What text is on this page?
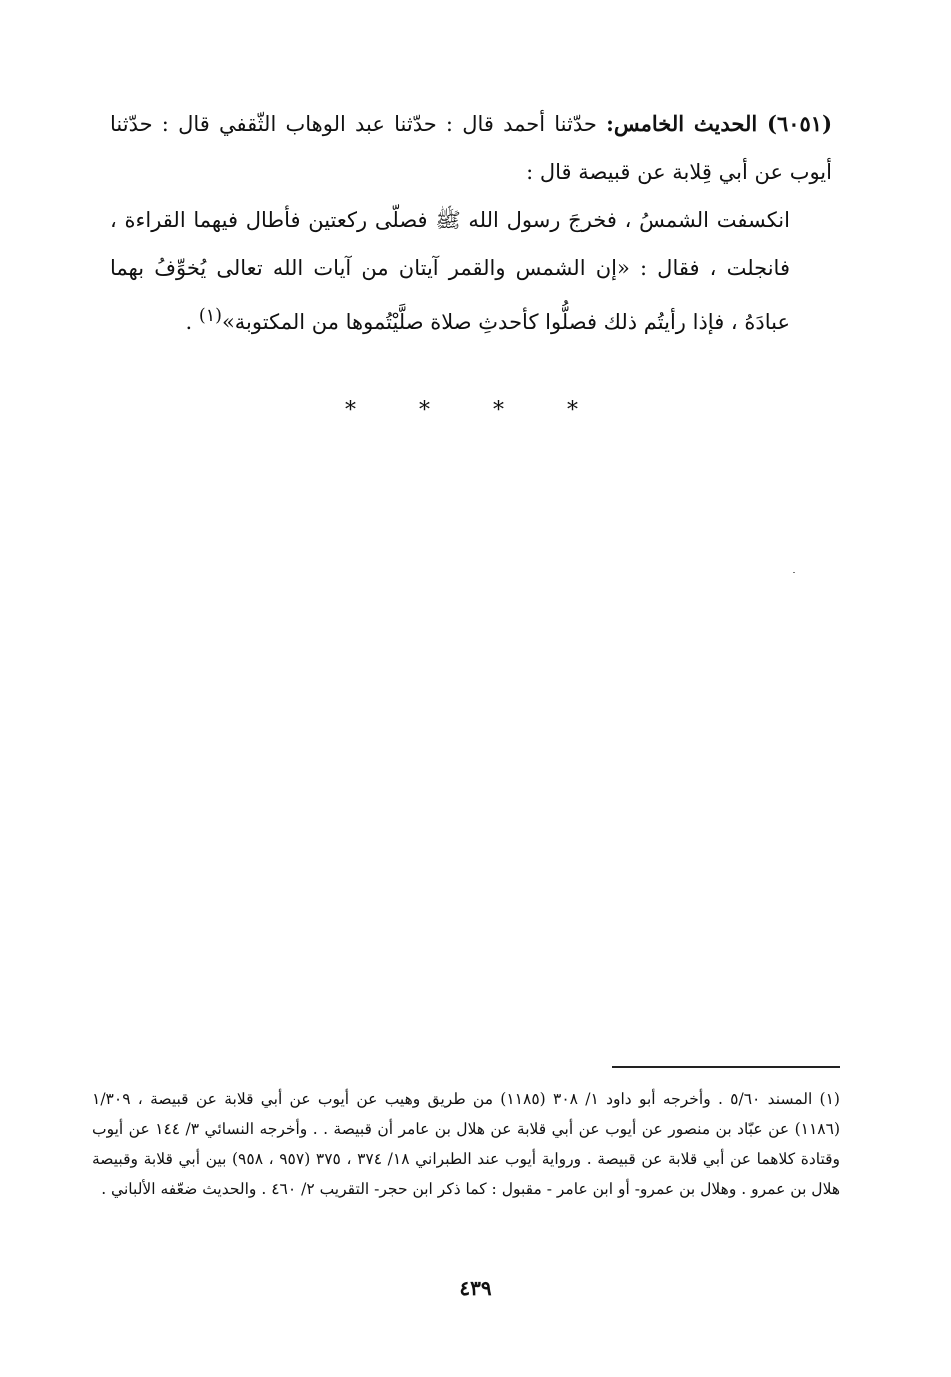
(٦٠٥١) الحديث الخامس: حدّثنا أحمد قال : حدّثنا عبد الوهاب الثّقفي قال : حدّثنا أيوب عن أبي قِلابة عن قبيصة قال :

انكسفت الشمسُ ، فخرجَ رسول الله ﷺ فصلّى ركعتين فأطال فيهما القراءة ، فانجلت ، فقال : «إن الشمس والقمر آيتان من آيات الله تعالى يُخوِّفُ بهما عبادَهُ ، فإذا رأيتُم ذلك فصلُّوا كأحدثِ صلاة صلَّيْتُموها من المكتوبة»$^{(١)}$ .

* * * *

(١) المسند ٥/٦٠ . وأخرجه أبو داود ١/ ٣٠٨ (١١٨٥) من طريق وهيب عن أيوب عن أبي قلابة عن قبيصة ، ١/٣٠٩ (١١٨٦) عن عبّاد بن منصور عن أيوب عن أبي قلابة عن هلال بن عامر أن قبيصة . . وأخرجه النسائي ٣/ ١٤٤ عن أيوب وقتادة كلاهما عن أبي قلابة عن قبيصة . ورواية أيوب عند الطبراني ١٨/ ٣٧٤ ، ٣٧٥ (٩٥٧ ، ٩٥٨) بين أبي قلابة وقبيصة هلال بن عمرو . وهلال بن عمرو- أو ابن عامر - مقبول : كما ذكر ابن حجر- التقريب ٢/ ٤٦٠ . والحديث ضعّفه الألباني .

٤٣٩
